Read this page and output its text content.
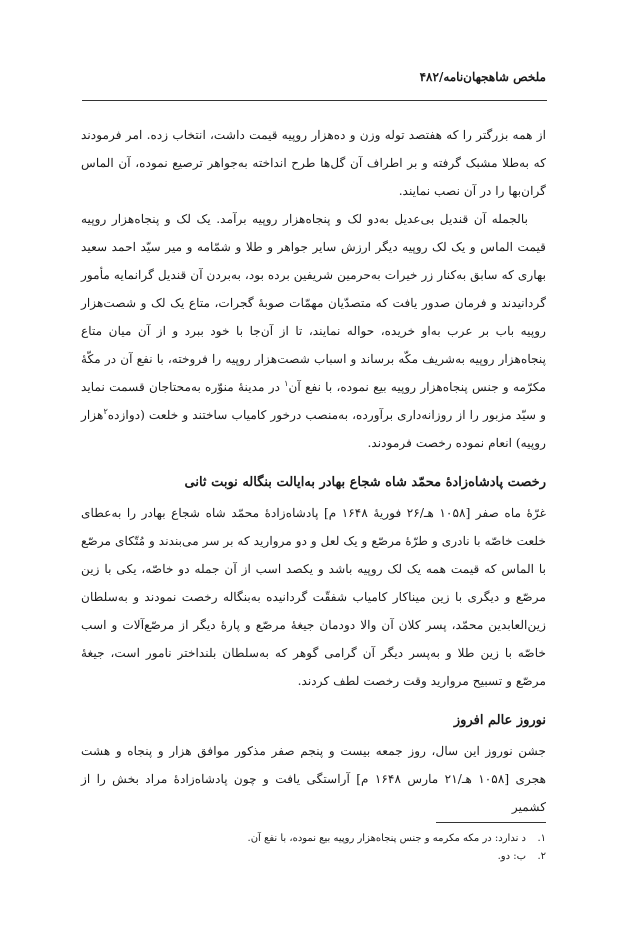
ملخص شاهجهان‌نامه/۴۸۲

از همه بزرگتر را که هفتصد توله وزن و ده‌هزار روپیه قیمت داشت، انتخاب زده. امر فرمودند که به‌طلا مشبک گرفته و بر اطراف آن گل‌ها طرح انداخته به‌جواهر ترصیع نموده، آن الماس گران‌بها را در آن نصب نمایند.

بالجمله آن قندیل بی‌عدیل به‌دو لک و پنجاه‌هزار روپیه برآمد. یک لک و پنجاه‌هزار روپیه قیمت الماس و یک لک روپیه دیگر ارزش سایر جواهر و طلا و شمّامه و میر سیّد احمد سعید بهاری که سابق به‌کنار زر خیرات به‌حرمین شریفین برده بود، به‌بردن آن قندیل گرانمایه مأمور گردانیدند و فرمان صدور یافت که متصدّیان مهمّات صوبهٔ گجرات، متاع یک لک و شصت‌هزار روپیه باب بر عرب به‌او خریده، حواله نمایند، تا از آن‌جا با خود ببرد و از آن میان متاع پنجاه‌هزار روپیه به‌شریف مکّه برساند و اسباب شصت‌هزار روپیه را فروخته، با نفع آن در مکّهٔ مکرّمه و جنس پنجاه‌هزار روپیه بیع نموده، با نفع آن$^۱$ در مدینهٔ منوّره به‌محتاجان قسمت نماید و سیّد مزبور را از روزانه‌داری برآورده، به‌منصب درخور کامیاب ساختند و خلعت (دوازده$^۲$هزار روپیه) انعام نموده رخصت فرمودند.

رخصت پادشاه‌زادهٔ محمّد شاه شجاع بهادر به‌ایالت بنگاله نوبت ثانی

غرّهٔ ماه صفر [۱۰۵۸ هـ/۲۶ فوریهٔ ۱۶۴۸ م] پادشاه‌زادهٔ محمّد شاه شجاع بهادر را به‌عطای خلعت خاصّه با نادری و طرّهٔ مرصّع و یک لعل و دو مروارید که بر سر می‌بندند و مُتّکای مرصّع با الماس که قیمت همه یک لک روپیه باشد و یکصد اسب از آن جمله دو خاصّه، یکی با زین مرصّع و دیگری با زین میناکار کامیاب شفقّت گردانیده به‌بنگاله رخصت نمودند و به‌سلطان زین‌العابدین محمّد، پسر کلان آن والا دودمان جیغهٔ مرصّع و پارهٔ دیگر از مرصّع‌آلات و اسب خاصّه با زین طلا و به‌پسر دیگر آن گرامی گوهر که به‌سلطان بلنداختر نامور است، جیغهٔ مرصّع و تسبیح مروارید وقت رخصت لطف کردند.

نوروز عالم افروز

جشن نوروز این سال، روز جمعه بیست و پنجم صفر مذکور موافق هزار و پنجاه و هشت هجری [۱۰۵۸ هـ/۲۱ مارس ۱۶۴۸ م] آراستگی یافت و چون پادشاه‌زادهٔ مراد بخش را از کشمیر

۱.د ندارد: در مکه مکرمه و جنس پنجاه‌هزار روپیه بیع نموده، با نفع آن.
۲.ب: دو.
